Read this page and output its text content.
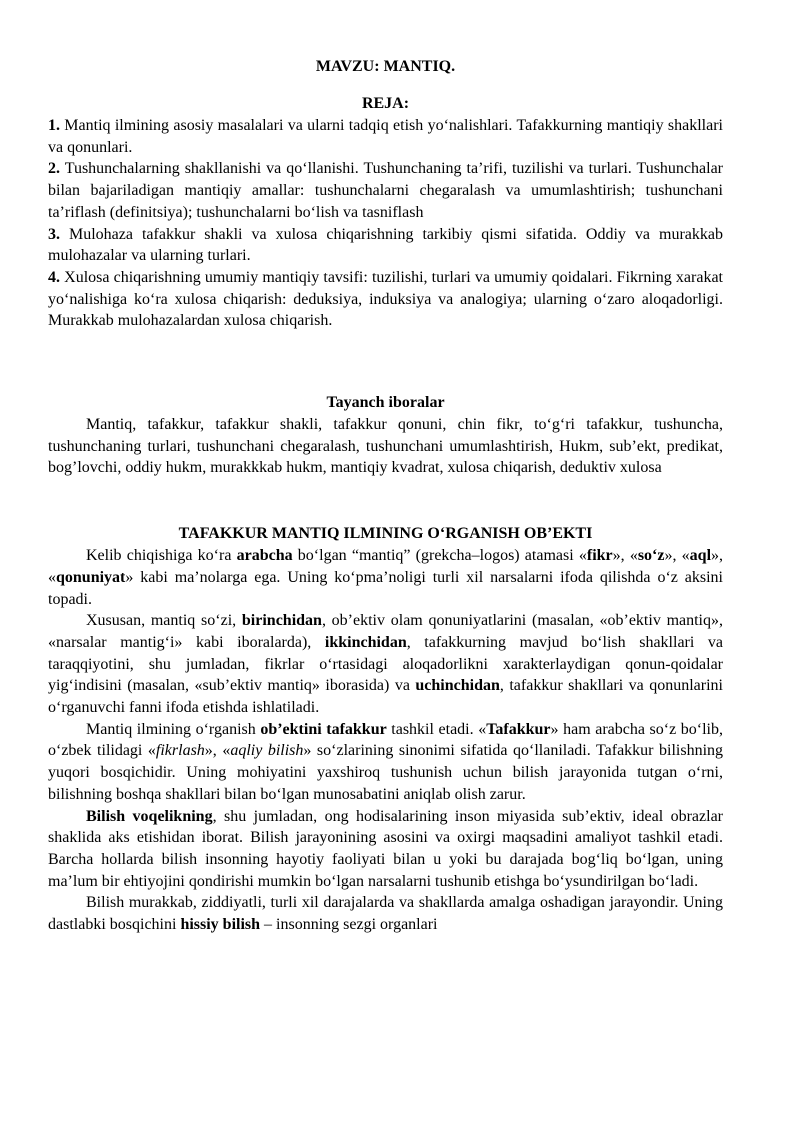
MAVZU: MANTIQ.
REJA:

1. Mantiq ilmining asosiy masalalari va ularni tadqiq etish yo‘nalishlari. Tafakkurning mantiqiy shakllari va qonunlari.

2. Tushunchalarning shakllanishi va qo‘llanishi. Tushunchaning ta’rifi, tuzilishi va turlari. Tushunchalar bilan bajariladigan mantiqiy amallar: tushunchalarni chegaralash va umumlashtirish; tushunchani ta’riflash (definitsiya); tushunchalarni bo‘lish va tasniflash

3. Mulohaza tafakkur shakli va xulosa chiqarishning tarkibiy qismi sifatida. Oddiy va murakkab mulohazalar va ularning turlari.

4. Xulosa chiqarishning umumiy mantiqiy tavsifi: tuzilishi, turlari va umumiy qoidalari. Fikrning xarakat yo‘nalishiga ko‘ra xulosa chiqarish: deduksiya, induksiya va analogiya; ularning o‘zaro aloqadorligi. Murakkab mulohazalardan xulosa chiqarish.

Tayanch iboralar

Mantiq, tafakkur, tafakkur shakli, tafakkur qonuni, chin fikr, to‘g‘ri tafakkur, tushuncha, tushunchaning turlari, tushunchani chegaralash, tushunchani umumlashtirish, Hukm, sub’ekt, predikat, bog’lovchi, oddiy hukm, murakkkab hukm, mantiqiy kvadrat, xulosa chiqarish, deduktiv xulosa

TAFAKKUR MANTIQ ILMINING O‘RGANISH OB’EKTI

Kelib chiqishiga ko‘ra arabcha bo‘lgan “mantiq” (grekcha–logos) atamasi «fikr», «so‘z», «aql», «qonuniyat» kabi ma’nolarga ega. Uning ko‘pma’noligi turli xil narsalarni ifoda qilishda o‘z aksini topadi.

Xususan, mantiq so‘zi, birinchidan, ob’ektiv olam qonuniyatlarini (masalan, «ob’ektiv mantiq», «narsalar mantig‘i» kabi iboralarda), ikkinchidan, tafakkurning mavjud bo‘lish shakllari va taraqqiyotini, shu jumladan, fikrlar o‘rtasidagi aloqadorlikni xarakterlaydigan qonun-qoidalar yig‘indisini (masalan, «sub’ektiv mantiq» iborasida) va uchinchidan, tafakkur shakllari va qonunlarini o‘rganuvchi fanni ifoda etishda ishlatiladi.

Mantiq ilmining o‘rganish ob’ektini tafakkur tashkil etadi. «Tafakkur» ham arabcha so‘z bo‘lib, o‘zbek tilidagi «fikrlash», «aqliy bilish» so‘zlarining sinonimi sifatida qo‘llaniladi. Tafakkur bilishning yuqori bosqichidir. Uning mohiyatini yaxshiroq tushunish uchun bilish jarayonida tutgan o‘rni, bilishning boshqa shakllari bilan bo‘lgan munosabatini aniqlab olish zarur.

Bilish voqelikning, shu jumladan, ong hodisalarining inson miyasida sub’ektiv, ideal obrazlar shaklida aks etishidan iborat. Bilish jarayonining asosini va oxirgi maqsadini amaliyot tashkil etadi. Barcha hollarda bilish insonning hayotiy faoliyati bilan u yoki bu darajada bog‘liq bo‘lgan, uning ma’lum bir ehtiyojini qondirishi mumkin bo‘lgan narsalarni tushunib etishga bo‘ysundirilgan bo‘ladi.

Bilish murakkab, ziddiyatli, turli xil darajalarda va shakllarda amalga oshadigan jarayondir. Uning dastlabki bosqichini hissiy bilish – insonning sezgi organlari
